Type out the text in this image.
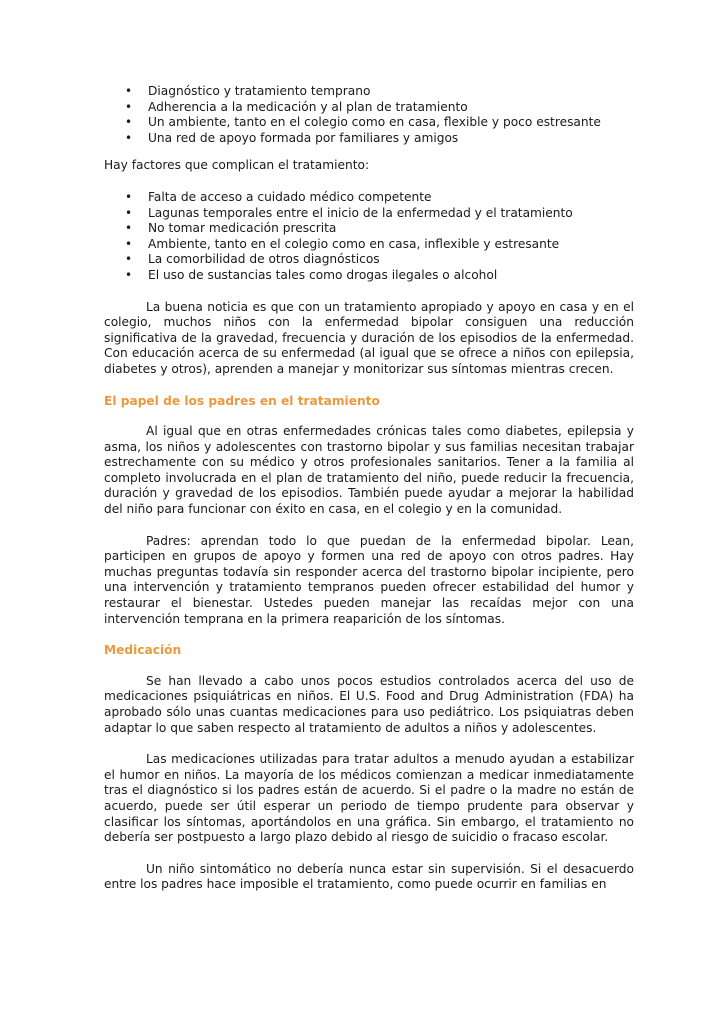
• Diagnóstico y tratamiento temprano
• Adherencia a la medicación y al plan de tratamiento
• Un ambiente, tanto en el colegio como en casa, flexible y poco estresante
• Una red de apoyo formada por familiares y amigos

Hay factores que complican el tratamiento:

• Falta de acceso a cuidado médico competente
• Lagunas temporales entre el inicio de la enfermedad y el tratamiento
• No tomar medicación prescrita
• Ambiente, tanto en el colegio como en casa, inflexible y estresante
• La comorbilidad de otros diagnósticos
• El uso de sustancias tales como drogas ilegales o alcohol

La buena noticia es que con un tratamiento apropiado y apoyo en casa y en el colegio, muchos niños con la enfermedad bipolar consiguen una reducción significativa de la gravedad, frecuencia y duración de los episodios de la enfermedad. Con educación acerca de su enfermedad (al igual que se ofrece a niños con epilepsia, diabetes y otros), aprenden a manejar y monitorizar sus síntomas mientras crecen.

El papel de los padres en el tratamiento

Al igual que en otras enfermedades crónicas tales como diabetes, epilepsia y asma, los niños y adolescentes con trastorno bipolar y sus familias necesitan trabajar estrechamente con su médico y otros profesionales sanitarios. Tener a la familia al completo involucrada en el plan de tratamiento del niño, puede reducir la frecuencia, duración y gravedad de los episodios. También puede ayudar a mejorar la habilidad del niño para funcionar con éxito en casa, en el colegio y en la comunidad.

Padres: aprendan todo lo que puedan de la enfermedad bipolar. Lean, participen en grupos de apoyo y formen una red de apoyo con otros padres. Hay muchas preguntas todavía sin responder acerca del trastorno bipolar incipiente, pero una intervención y tratamiento tempranos pueden ofrecer estabilidad del humor y restaurar el bienestar. Ustedes pueden manejar las recaídas mejor con una intervención temprana en la primera reaparición de los síntomas.

Medicación

Se han llevado a cabo unos pocos estudios controlados acerca del uso de medicaciones psiquiátricas en niños. El U.S. Food and Drug Administration (FDA) ha aprobado sólo unas cuantas medicaciones para uso pediátrico. Los psiquiatras deben adaptar lo que saben respecto al tratamiento de adultos a niños y adolescentes.

Las medicaciones utilizadas para tratar adultos a menudo ayudan a estabilizar el humor en niños. La mayoría de los médicos comienzan a medicar inmediatamente tras el diagnóstico si los padres están de acuerdo. Si el padre o la madre no están de acuerdo, puede ser útil esperar un periodo de tiempo prudente para observar y clasificar los síntomas, aportándolos en una gráfica. Sin embargo, el tratamiento no debería ser postpuesto a largo plazo debido al riesgo de suicidio o fracaso escolar.

Un niño sintomático no debería nunca estar sin supervisión. Si el desacuerdo entre los padres hace imposible el tratamiento, como puede ocurrir en familias en
